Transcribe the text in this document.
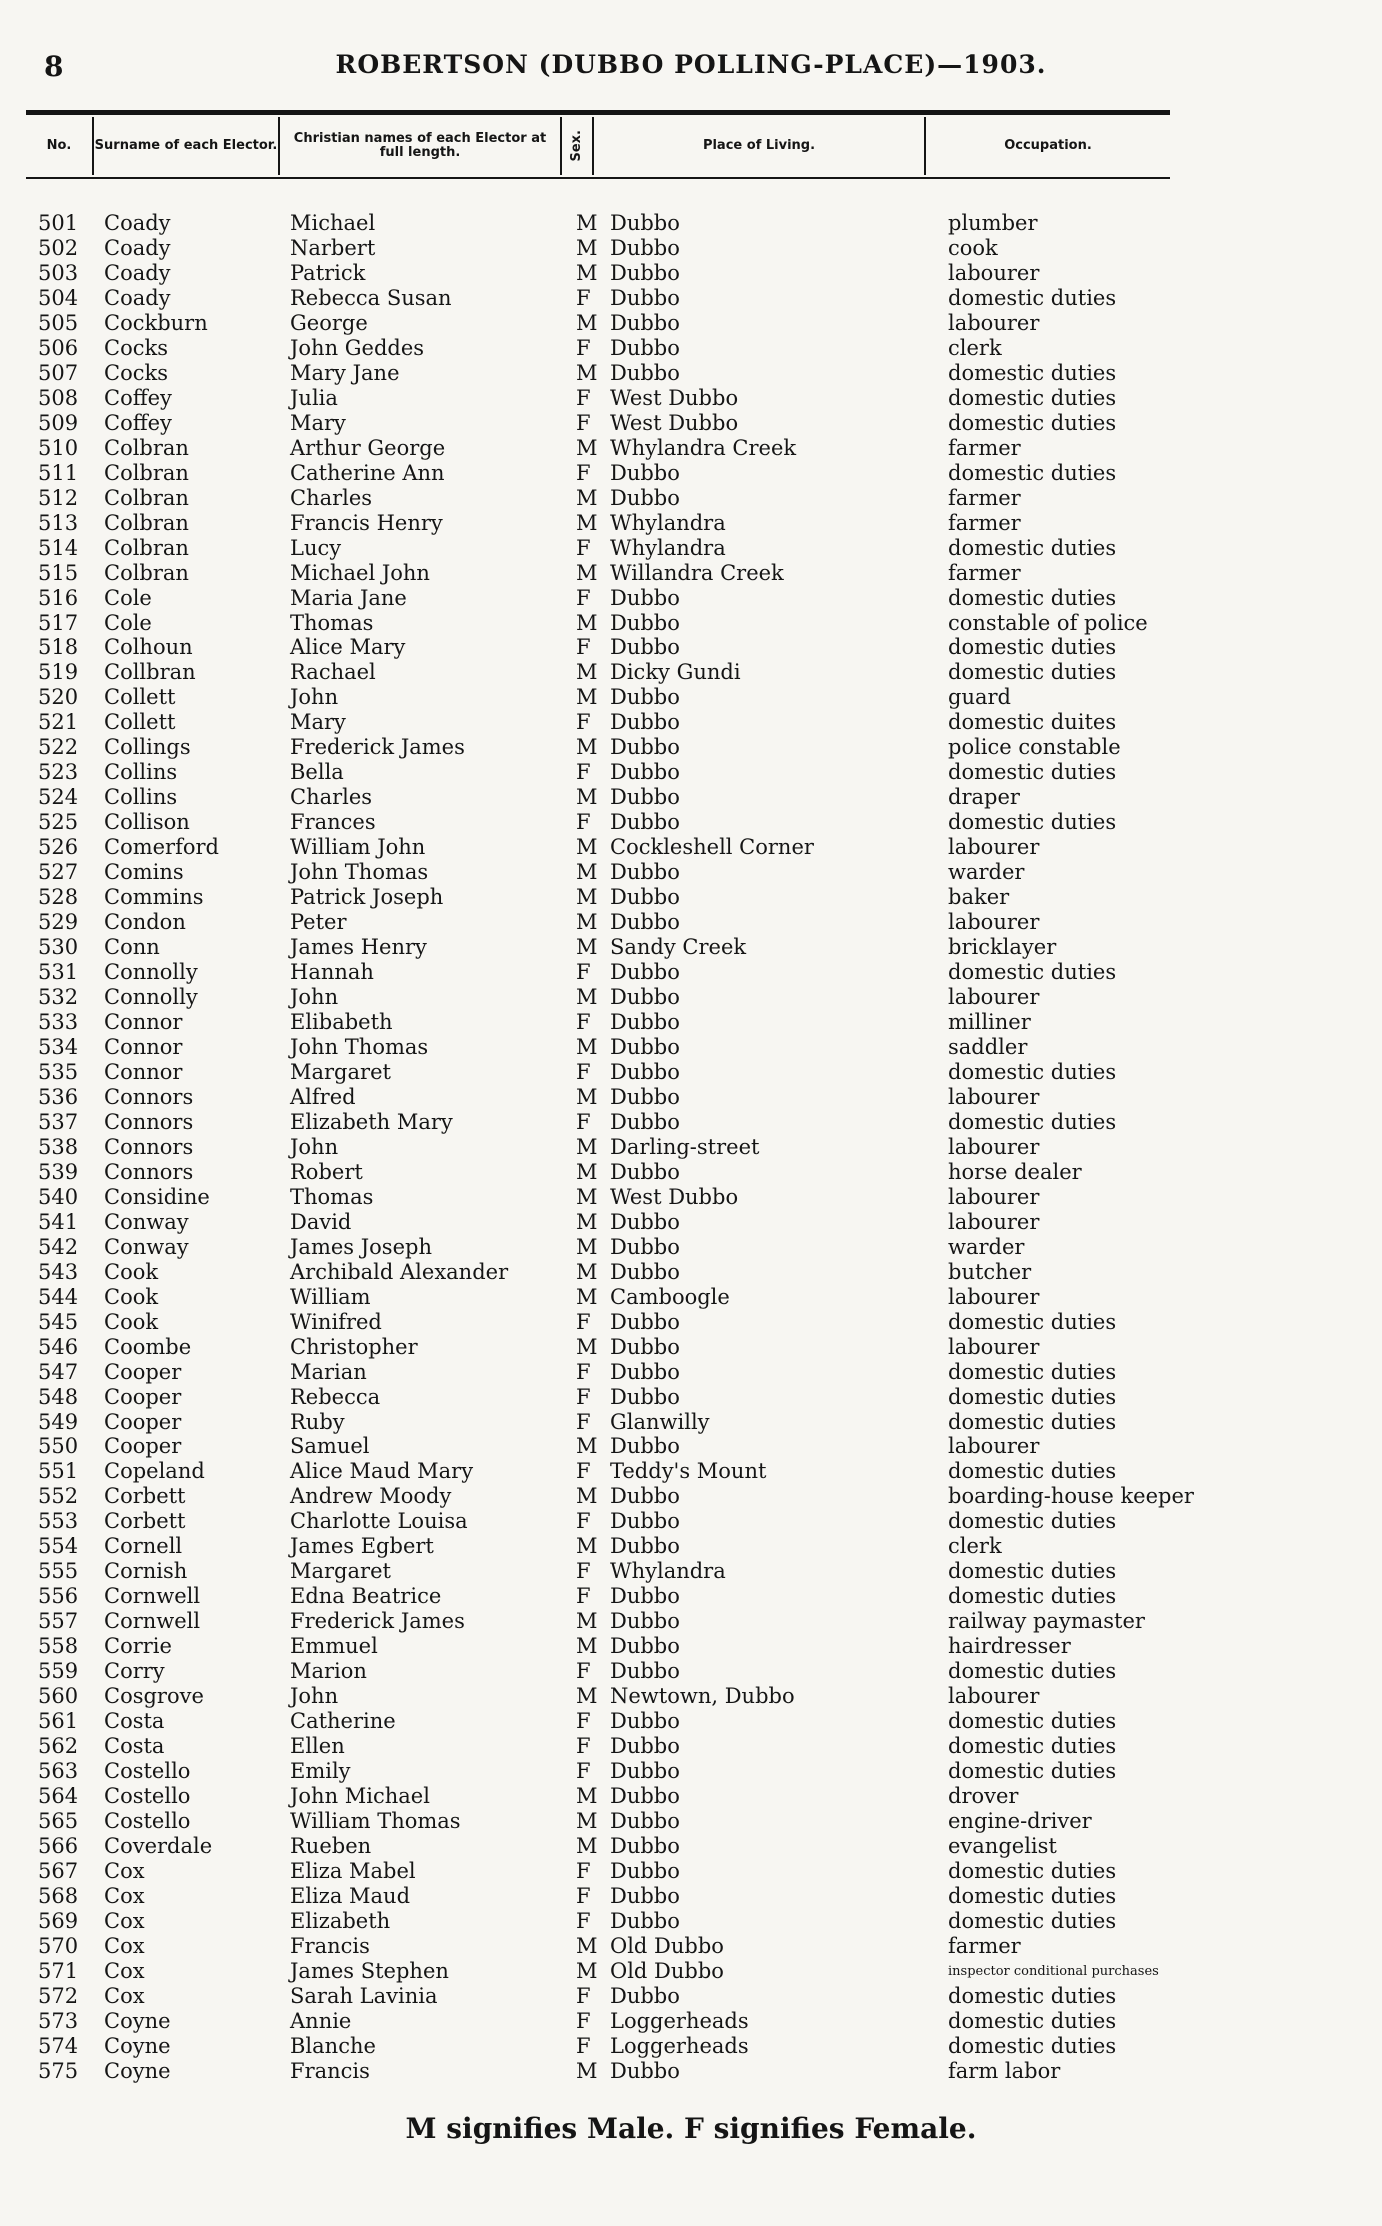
8	ROBERTSON (DUBBO POLLING-PLACE)—1903.
No.	Surname of each Elector.	Christian names of each Elector at full length.	Sex.	Place of Living.	Occupation.
501 Coady	Michael	M Dubbo	plumber
502 Coady	Narbert	M Dubbo	cook
503 Coady	Patrick	M Dubbo	labourer
504 Coady	Rebecca Susan	F Dubbo	domestic duties
505 Cockburn	George	M Dubbo	labourer
506 Cocks	John Geddes	F Dubbo	clerk
507 Cocks	Mary Jane	M Dubbo	domestic duties
508 Coffey	Julia	F West Dubbo	domestic duties
509 Coffey	Mary	F West Dubbo	domestic duties
510 Colbran	Arthur George	M Whylandra Creek	farmer
511 Colbran	Catherine Ann	F Dubbo	domestic duties
512 Colbran	Charles	M Dubbo	farmer
513 Colbran	Francis Henry	M Whylandra	farmer
514 Colbran	Lucy	F Whylandra	domestic duties
515 Colbran	Michael John	M Willandra Creek	farmer
516 Cole	Maria Jane	F Dubbo	domestic duties
517 Cole	Thomas	M Dubbo	constable of police
518 Colhoun	Alice Mary	F Dubbo	domestic duties
519 Collbran	Rachael	M Dicky Gundi	domestic duties
520 Collett	John	M Dubbo	guard
521 Collett	Mary	F Dubbo	domestic duites
522 Collings	Frederick James	M Dubbo	police constable
523 Collins	Bella	F Dubbo	domestic duties
524 Collins	Charles	M Dubbo	draper
525 Collison	Frances	F Dubbo	domestic duties
526 Comerford	William John	M Cockleshell Corner	labourer
527 Comins	John Thomas	M Dubbo	warder
528 Commins	Patrick Joseph	M Dubbo	baker
529 Condon	Peter	M Dubbo	labourer
530 Conn	James Henry	M Sandy Creek	bricklayer
531 Connolly	Hannah	F Dubbo	domestic duties
532 Connolly	John	M Dubbo	labourer
533 Connor	Elibabeth	F Dubbo	milliner
534 Connor	John Thomas	M Dubbo	saddler
535 Connor	Margaret	F Dubbo	domestic duties
536 Connors	Alfred	M Dubbo	labourer
537 Connors	Elizabeth Mary	F Dubbo	domestic duties
538 Connors	John	M Darling-street	labourer
539 Connors	Robert	M Dubbo	horse dealer
540 Considine	Thomas	M West Dubbo	labourer
541 Conway	David	M Dubbo	labourer
542 Conway	James Joseph	M Dubbo	warder
543 Cook	Archibald Alexander	M Dubbo	butcher
544 Cook	William	M Camboogle	labourer
545 Cook	Winifred	F Dubbo	domestic duties
546 Coombe	Christopher	M Dubbo	labourer
547 Cooper	Marian	F Dubbo	domestic duties
548 Cooper	Rebecca	F Dubbo	domestic duties
549 Cooper	Ruby	F Glanwilly	domestic duties
550 Cooper	Samuel	M Dubbo	labourer
551 Copeland	Alice Maud Mary	F Teddy's Mount	domestic duties
552 Corbett	Andrew Moody	M Dubbo	boarding-house keeper
553 Corbett	Charlotte Louisa	F Dubbo	domestic duties
554 Cornell	James Egbert	M Dubbo	clerk
555 Cornish	Margaret	F Whylandra	domestic duties
556 Cornwell	Edna Beatrice	F Dubbo	domestic duties
557 Cornwell	Frederick James	M Dubbo	railway paymaster
558 Corrie	Emmuel	M Dubbo	hairdresser
559 Corry	Marion	F Dubbo	domestic duties
560 Cosgrove	John	M Newtown, Dubbo	labourer
561 Costa	Catherine	F Dubbo	domestic duties
562 Costa	Ellen	F Dubbo	domestic duties
563 Costello	Emily	F Dubbo	domestic duties
564 Costello	John Michael	M Dubbo	drover
565 Costello	William Thomas	M Dubbo	engine-driver
566 Coverdale	Rueben	M Dubbo	evangelist
567 Cox	Eliza Mabel	F Dubbo	domestic duties
568 Cox	Eliza Maud	F Dubbo	domestic duties
569 Cox	Elizabeth	F Dubbo	domestic duties
570 Cox	Francis	M Old Dubbo	farmer
571 Cox	James Stephen	M Old Dubbo	inspector conditional purchases
572 Cox	Sarah Lavinia	F Dubbo	domestic duties
573 Coyne	Annie	F Loggerheads	domestic duties
574 Coyne	Blanche	F Loggerheads	domestic duties
575 Coyne	Francis	M Dubbo	farm labor
M signifies Male. F signifies Female.
